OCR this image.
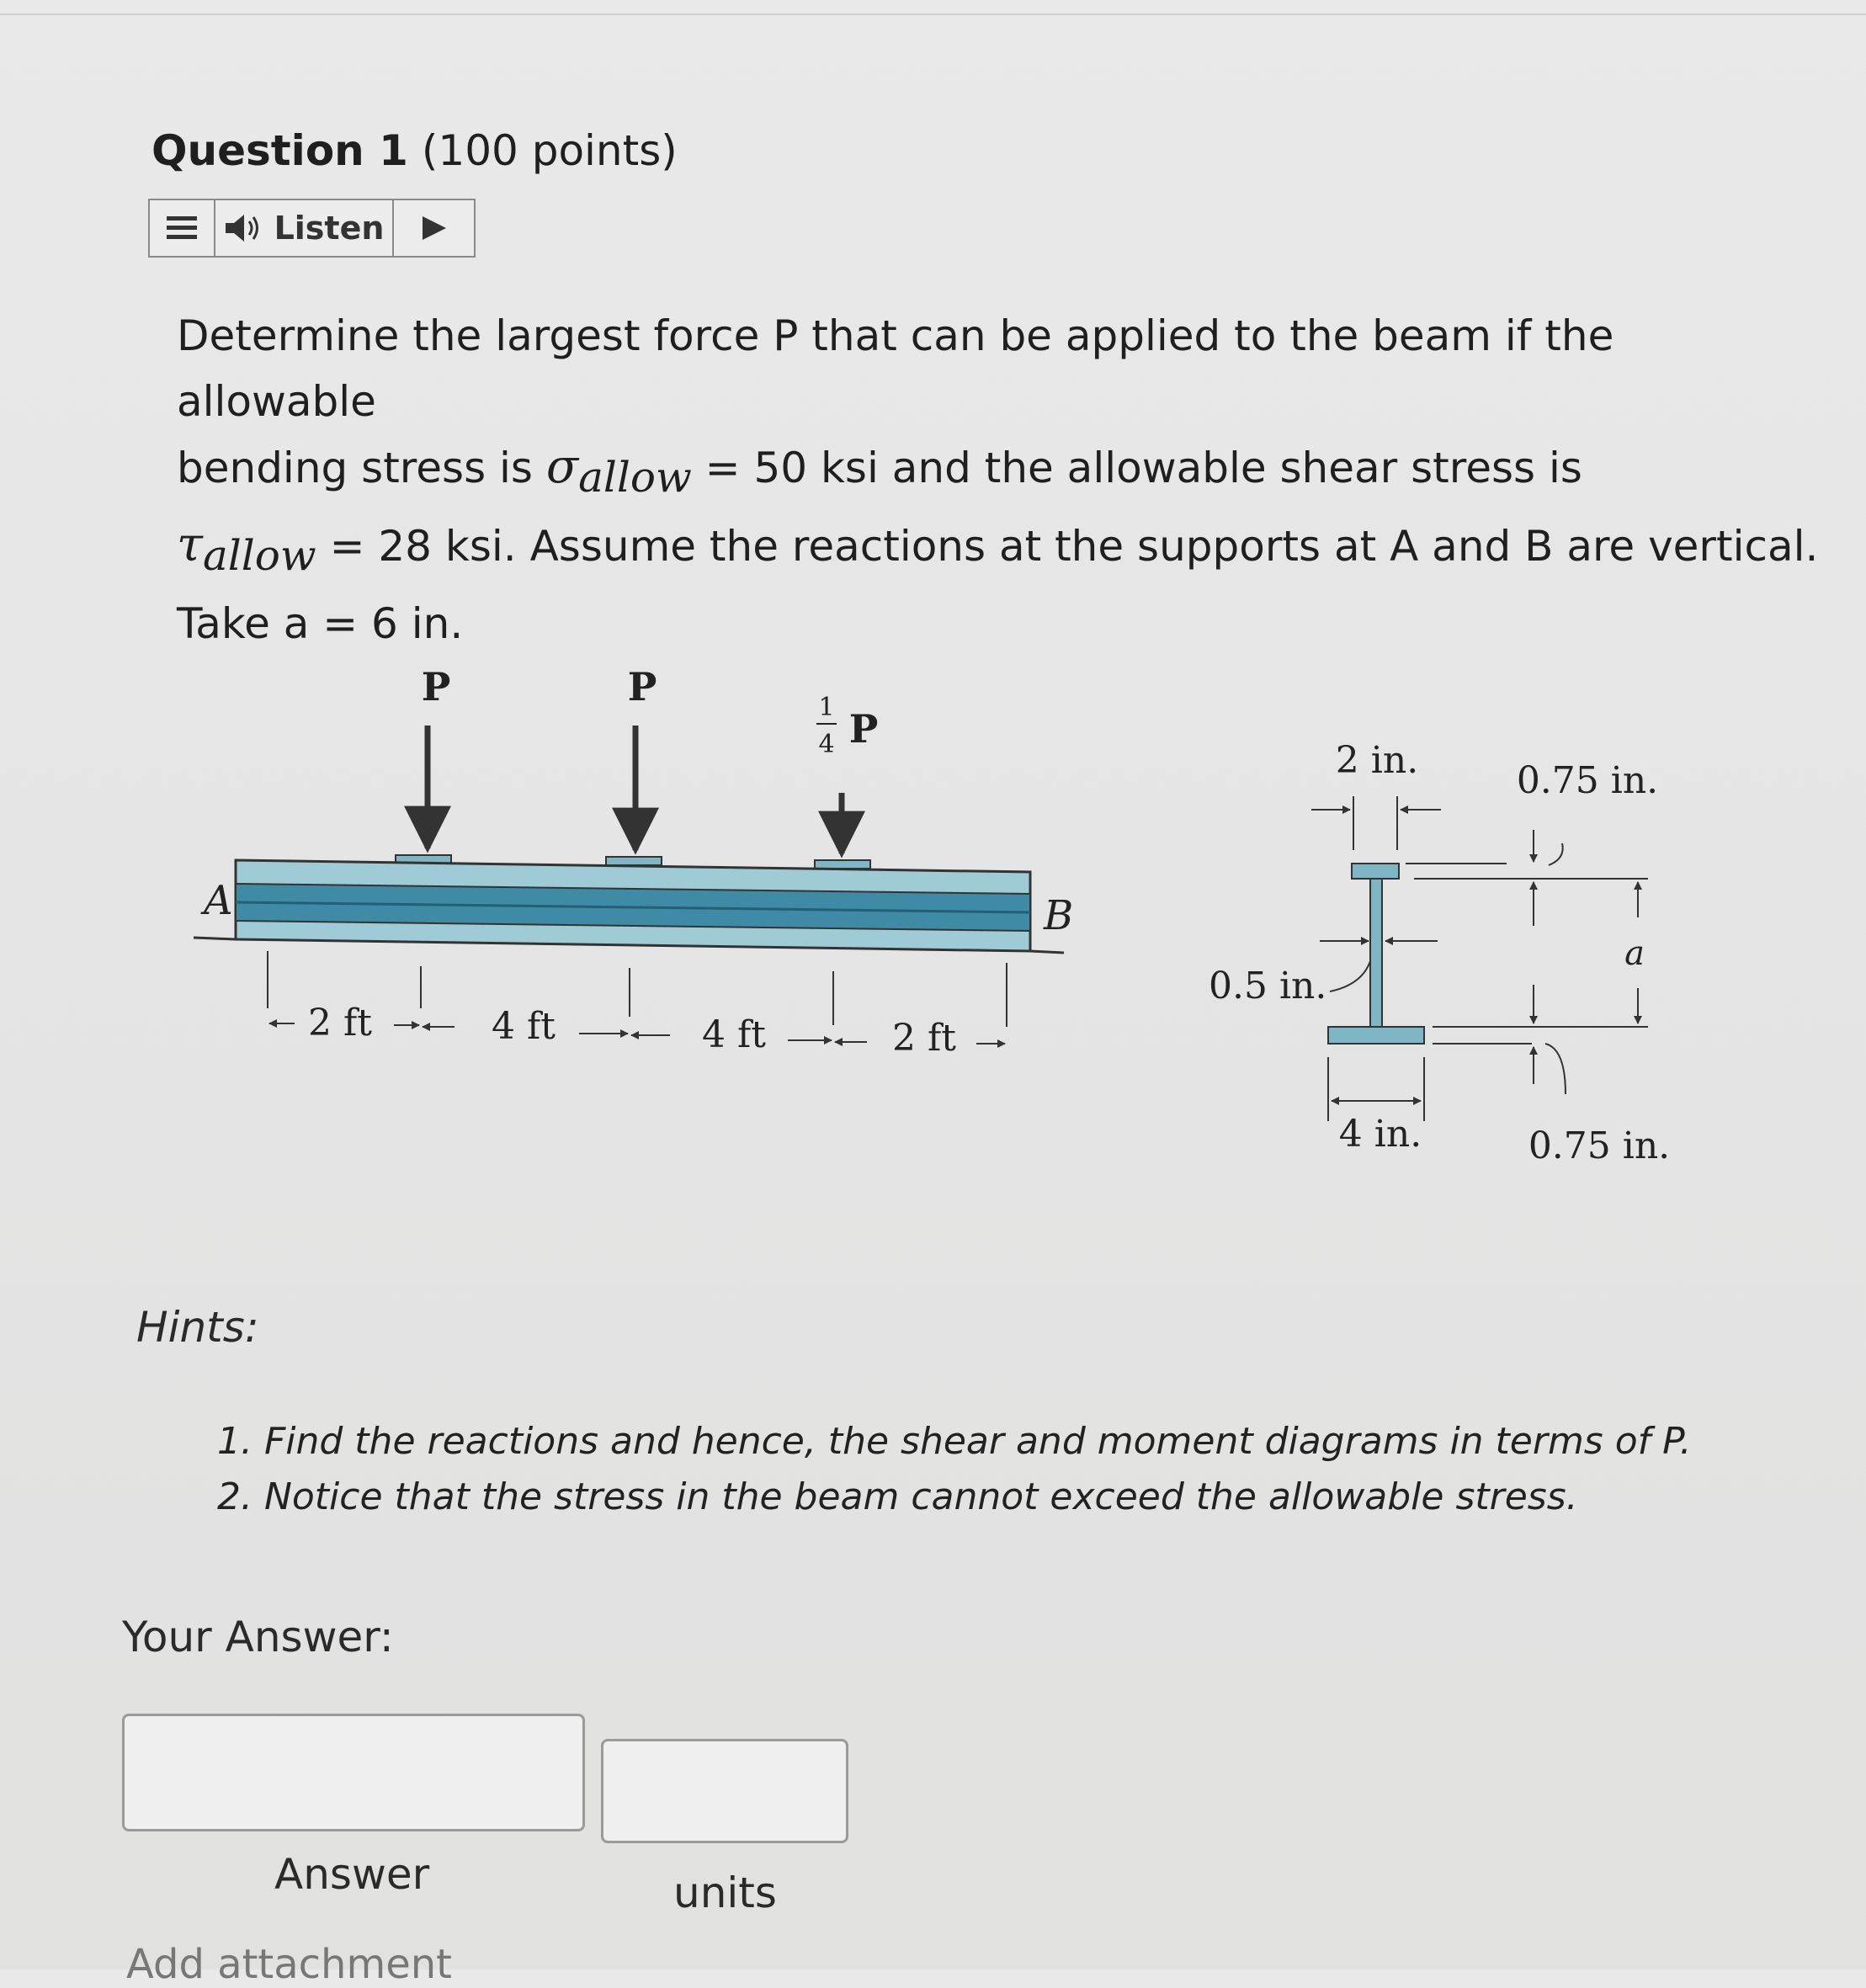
Question 1 (100 points)
Listen
Determine the largest force P that can be applied to the beam if the allowable
bending stress is $\sigma_{allow} = 50$ ksi and the allowable shear stress is
$\tau_{allow} = 28$ ksi. Assume the reactions at the supports at A and B are vertical.
Take a = 6 in.
P	P	1
4 P
A	B
2 ft	4 ft	4 ft	2 ft
2 in.
0.5 in.
0.75 in.
a
0.75 in.
4 in.
Hints:
1. Find the reactions and hence, the shear and moment diagrams in terms of P.
2. Notice that the stress in the beam cannot exceed the allowable stress.
Your Answer:
Answer	units
Add attachment
